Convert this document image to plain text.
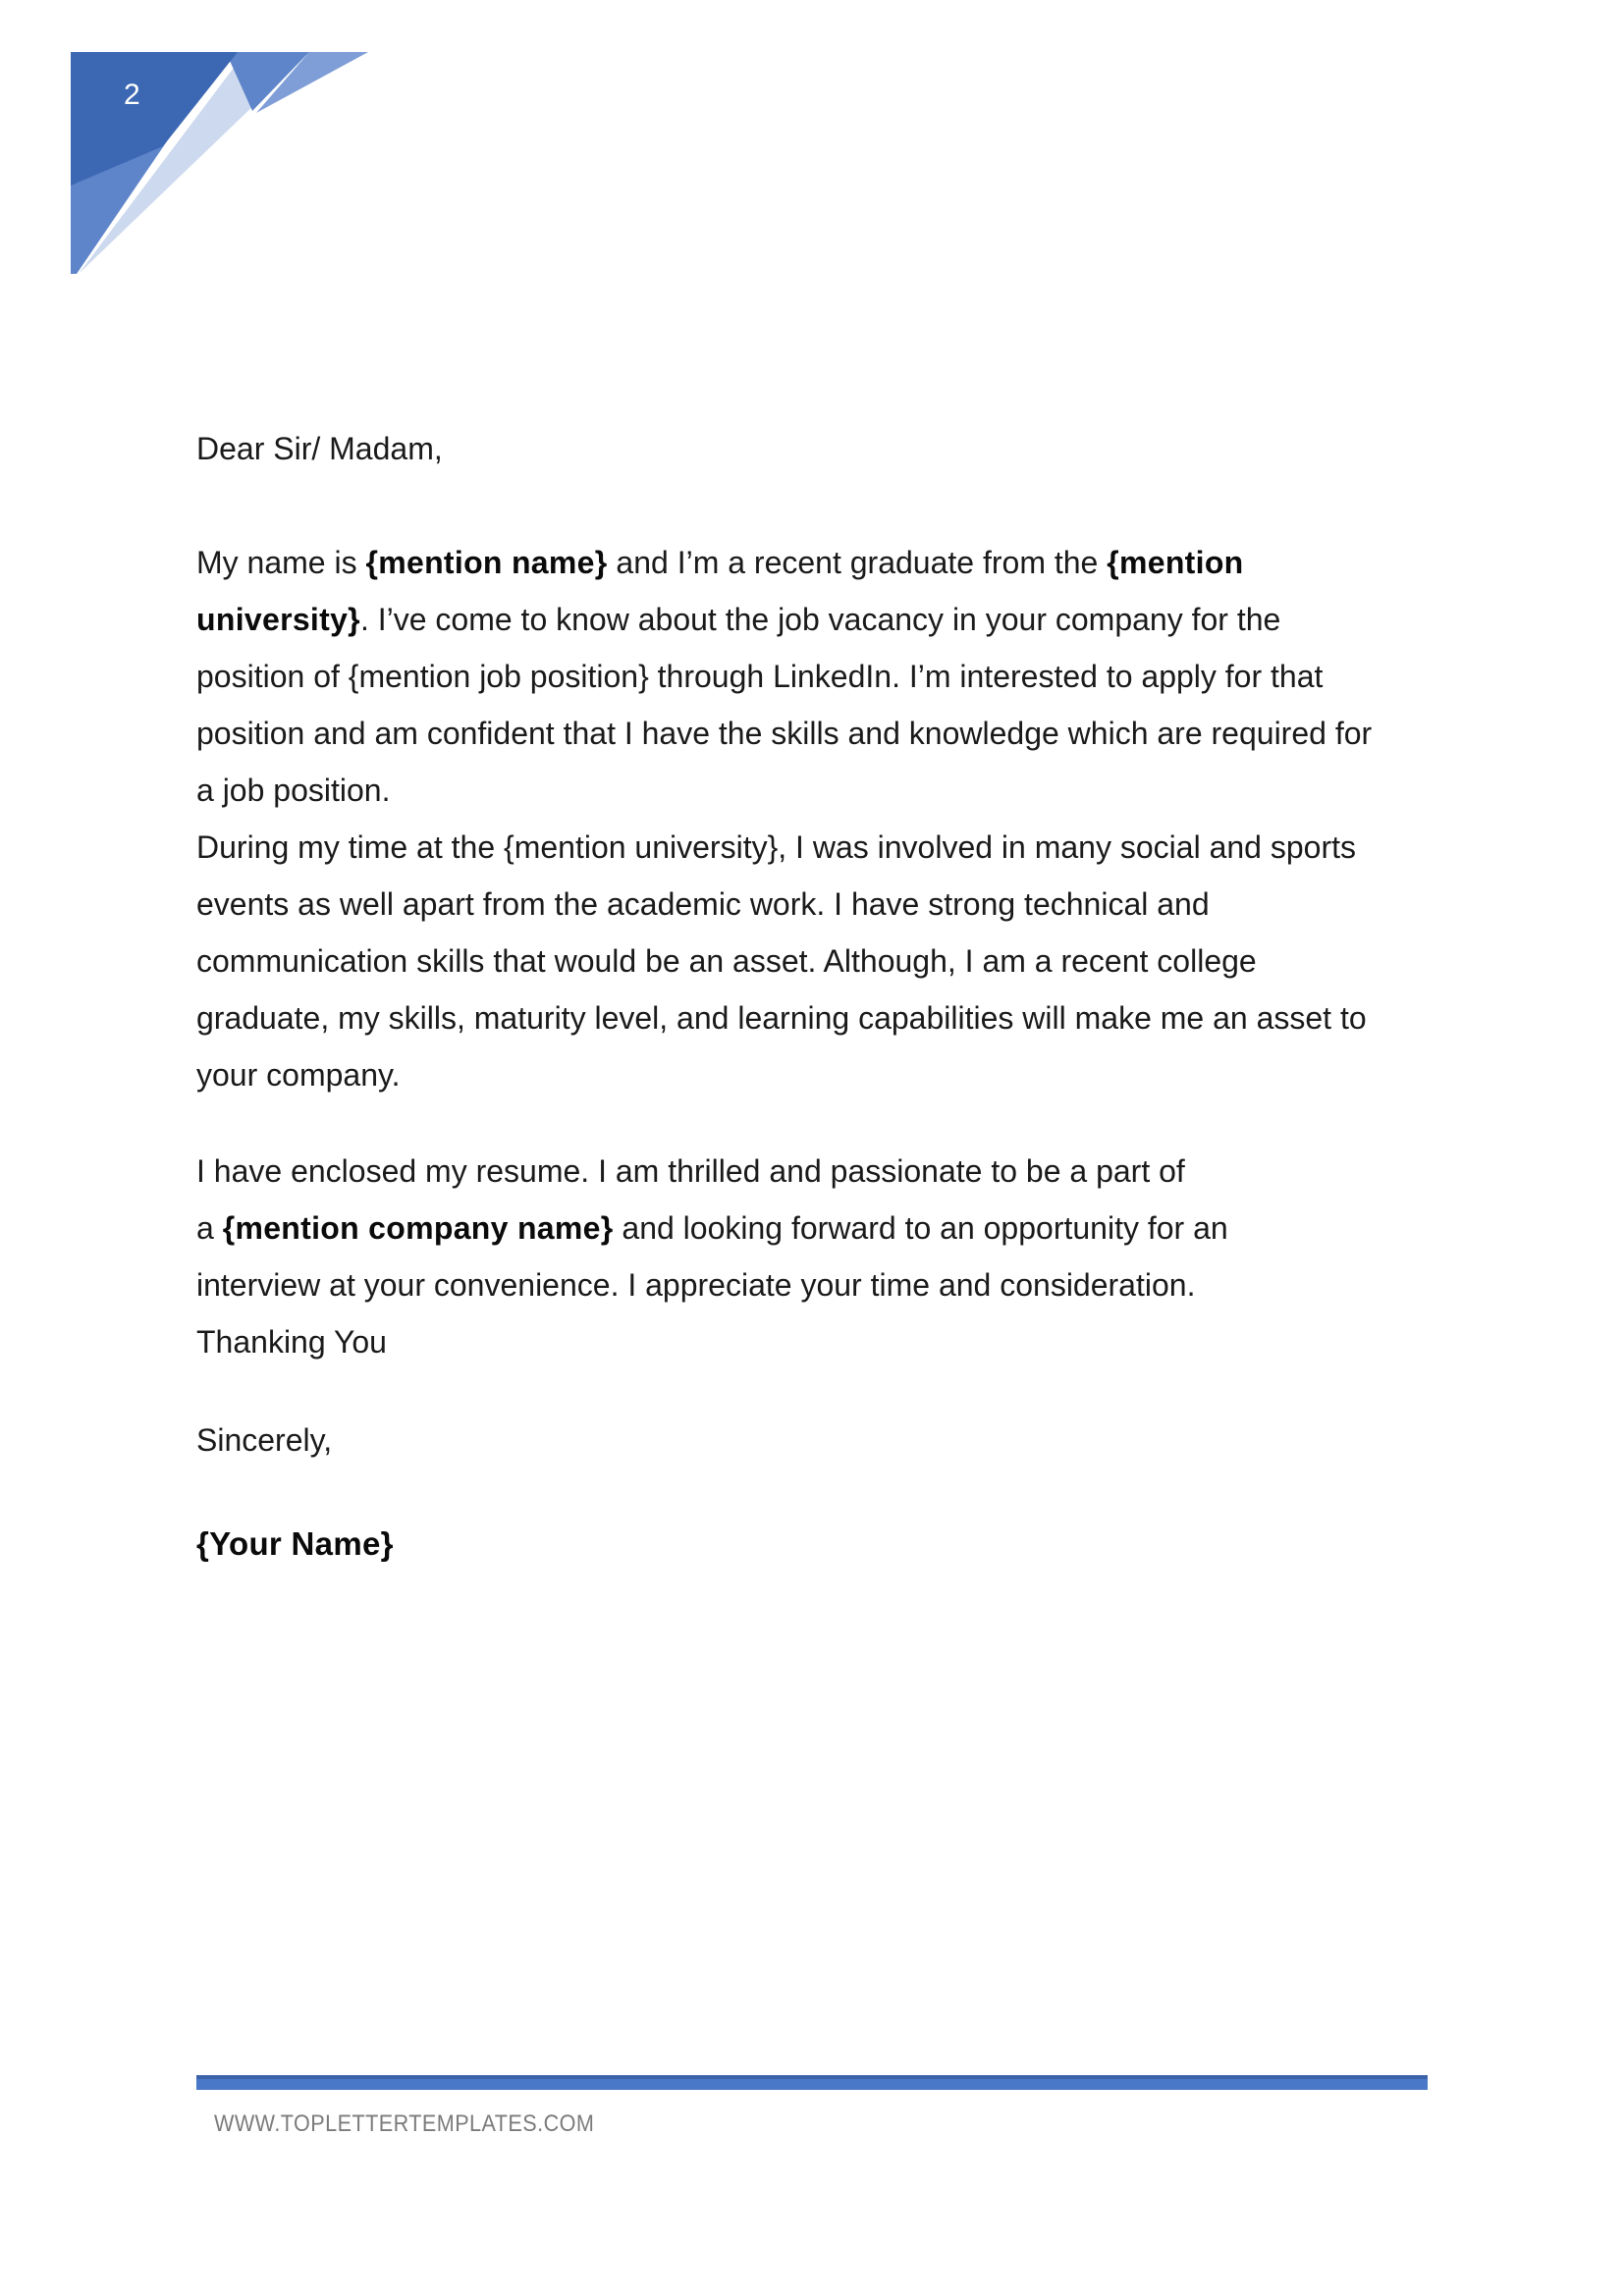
2
Dear Sir/ Madam,
My name is {mention name} and I’m a recent graduate from the {mention
university}. I’ve come to know about the job vacancy in your company for the
position of {mention job position} through LinkedIn. I’m interested to apply for that
position and am confident that I have the skills and knowledge which are required for
a job position.
During my time at the {mention university}, I was involved in many social and sports
events as well apart from the academic work. I have strong technical and
communication skills that would be an asset. Although, I am a recent college
graduate, my skills, maturity level, and learning capabilities will make me an asset to
your company.
I have enclosed my resume. I am thrilled and passionate to be a part of
a {mention company name} and looking forward to an opportunity for an
interview at your convenience. I appreciate your time and consideration.
Thanking You
Sincerely,
{Your Name}
WWW.TOPLETTERTEMPLATES.COM
